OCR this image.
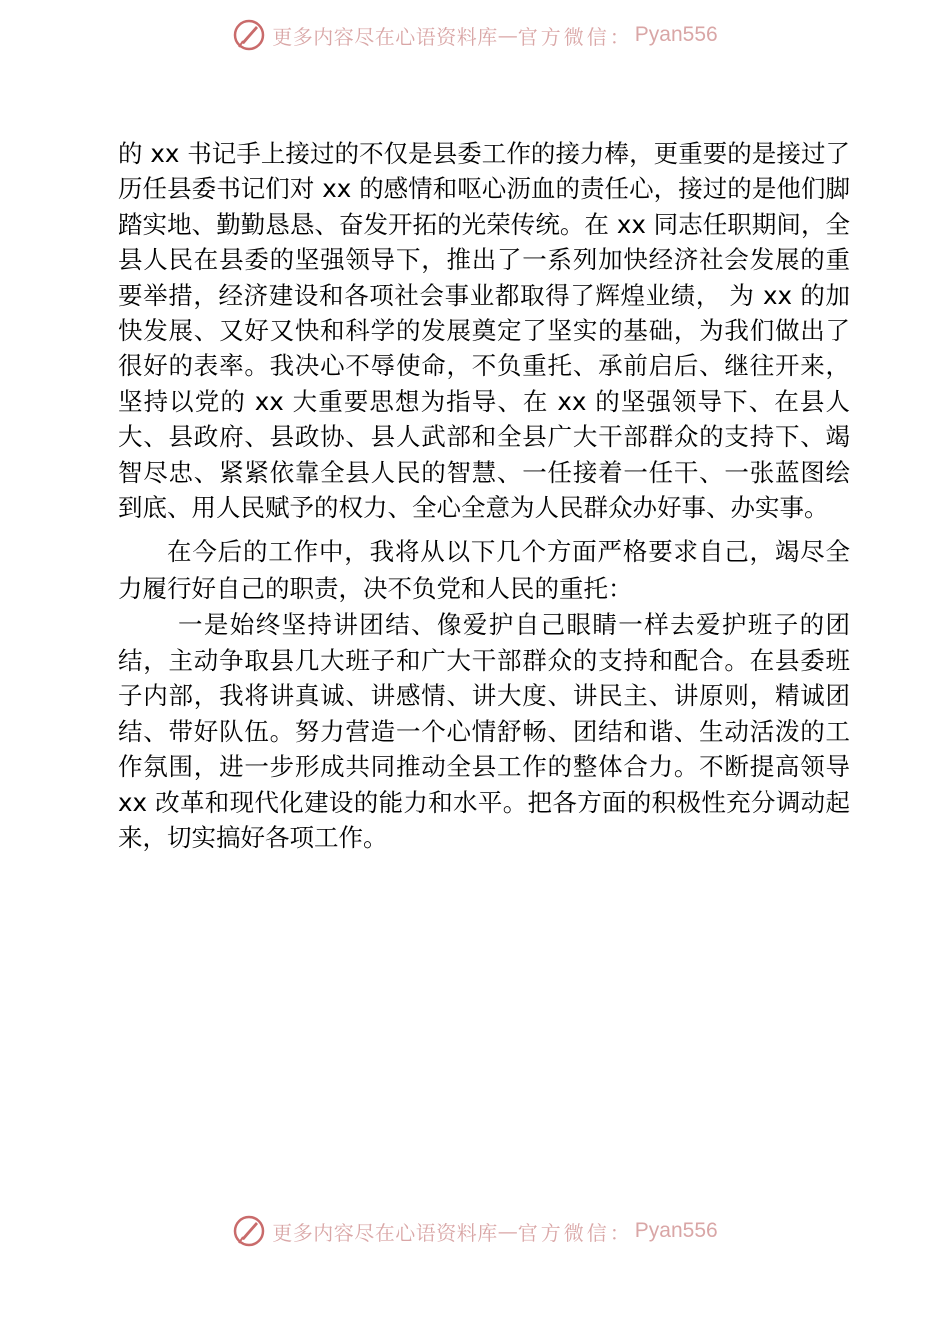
更多内容尽在心语资料库 — 官方微信： Pyan556

的 xx 书记手上接过的不仅是县委工作的接力棒，更重要的是接过了历任县委书记们对 xx 的感情和呕心沥血的责任心，接过的是他们脚踏实地、勤勤恳恳、奋发开拓的光荣传统。在 xx 同志任职期间，全县人民在县委的坚强领导下，推出了一系列加快经济社会发展的重要举措，经济建设和各项社会事业都取得了辉煌业绩， 为 xx 的加快发展、又好又快和科学的发展奠定了坚实的基础，为我们做出了很好的表率。我决心不辱使命，不负重托、承前启后、继往开来，坚持以党的 xx 大重要思想为指导、在 xx 的坚强领导下、在县人大、县政府、县政协、县人武部和全县广大干部群众的支持下、竭智尽忠、紧紧依靠全县人民的智慧、一任接着一任干、一张蓝图绘到底、用人民赋予的权力、全心全意为人民群众办好事、办实事。

在今后的工作中，我将从以下几个方面严格要求自己，竭尽全力履行好自己的职责，决不负党和人民的重托：

一是始终坚持讲团结、像爱护自己眼睛一样去爱护班子的团结，主动争取县几大班子和广大干部群众的支持和配合。在县委班子内部，我将讲真诚、讲感情、讲大度、讲民主、讲原则，精诚团结、带好队伍。努力营造一个心情舒畅、团结和谐、生动活泼的工作氛围，进一步形成共同推动全县工作的整体合力。不断提高领导 xx 改革和现代化建设的能力和水平。把各方面的积极性充分调动起来，切实搞好各项工作。

更多内容尽在心语资料库 — 官方微信： Pyan556
